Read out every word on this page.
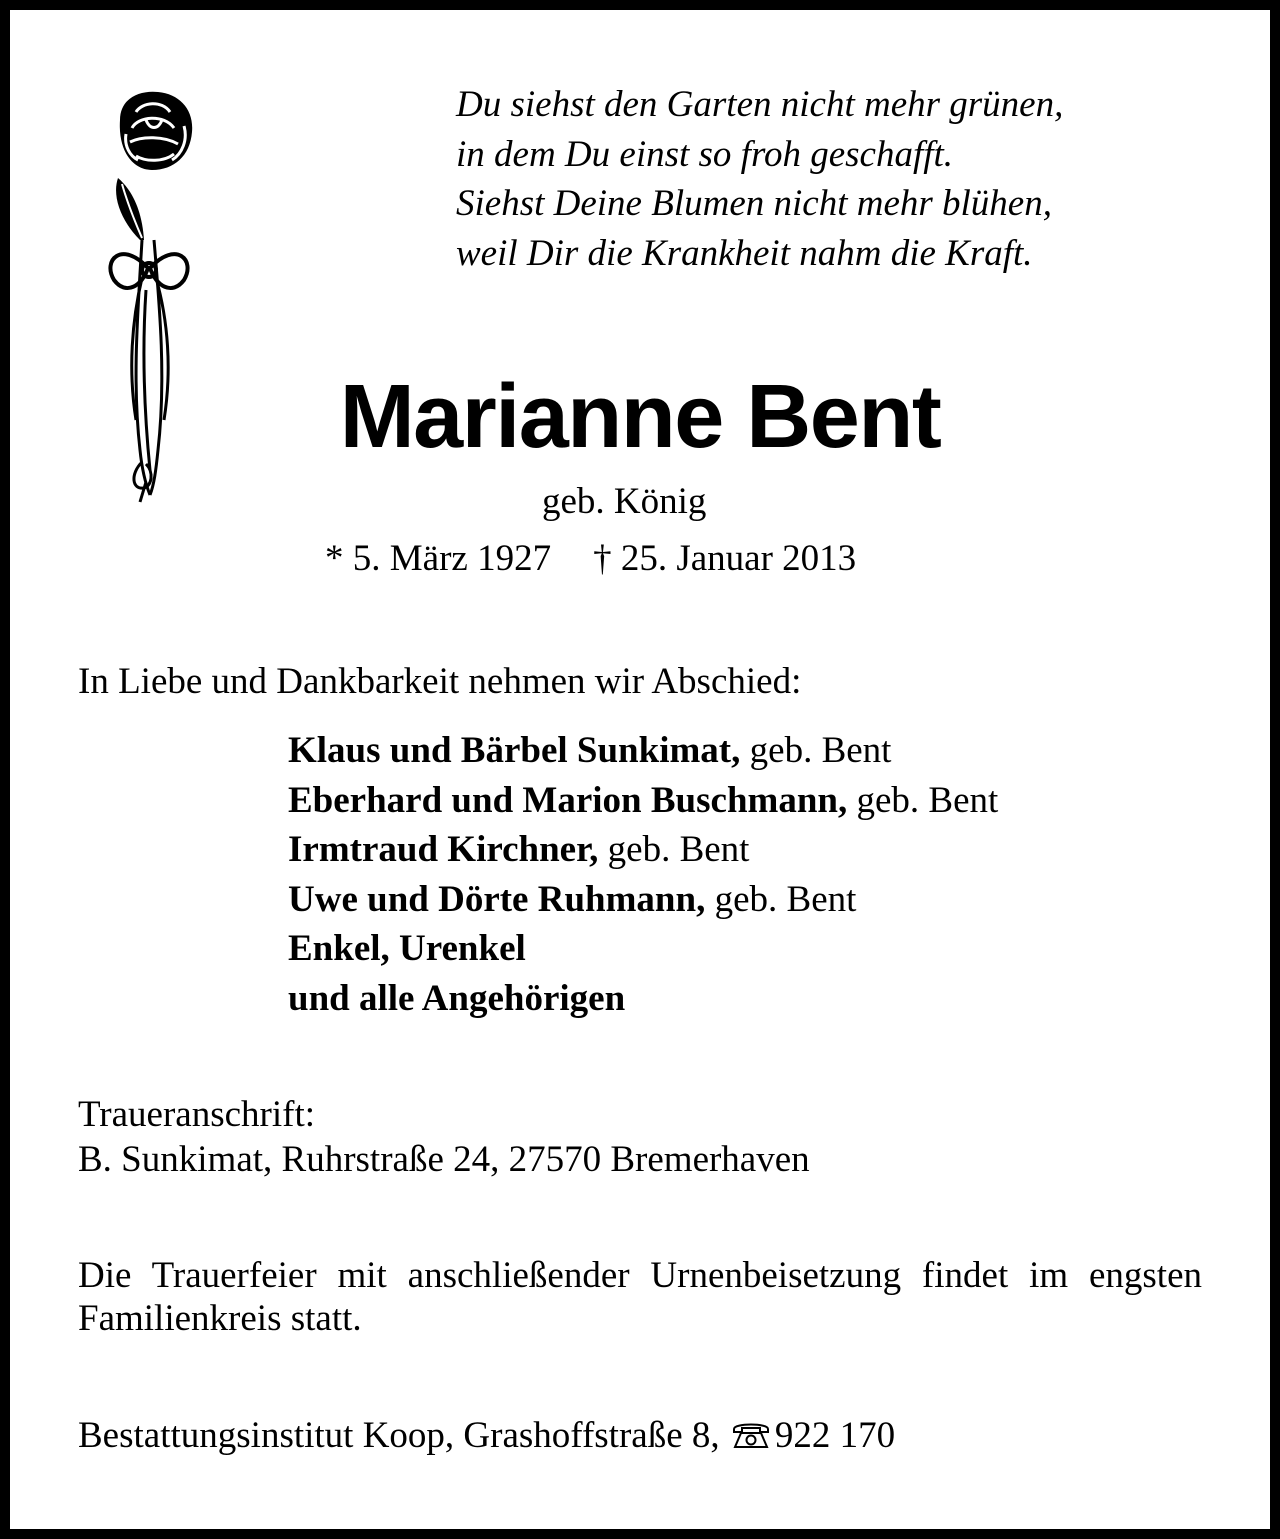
Du siehst den Garten nicht mehr grünen,
in dem Du einst so froh geschafft.
Siehst Deine Blumen nicht mehr blühen,
weil Dir die Krankheit nahm die Kraft.
Marianne Bent
geb. König
* 5. März 1927 † 25. Januar 2013
In Liebe und Dankbarkeit nehmen wir Abschied:
Klaus und Bärbel Sunkimat, geb. Bent
Eberhard und Marion Buschmann, geb. Bent
Irmtraud Kirchner, geb. Bent
Uwe und Dörte Ruhmann, geb. Bent
Enkel, Urenkel
und alle Angehörigen
Traueranschrift:
B. Sunkimat, Ruhrstraße 24, 27570 Bremerhaven
Die Trauerfeier mit anschließender Urnenbeisetzung findet im engsten Familienkreis statt.
Bestattungsinstitut Koop, Grashoffstraße 8, 922 170
